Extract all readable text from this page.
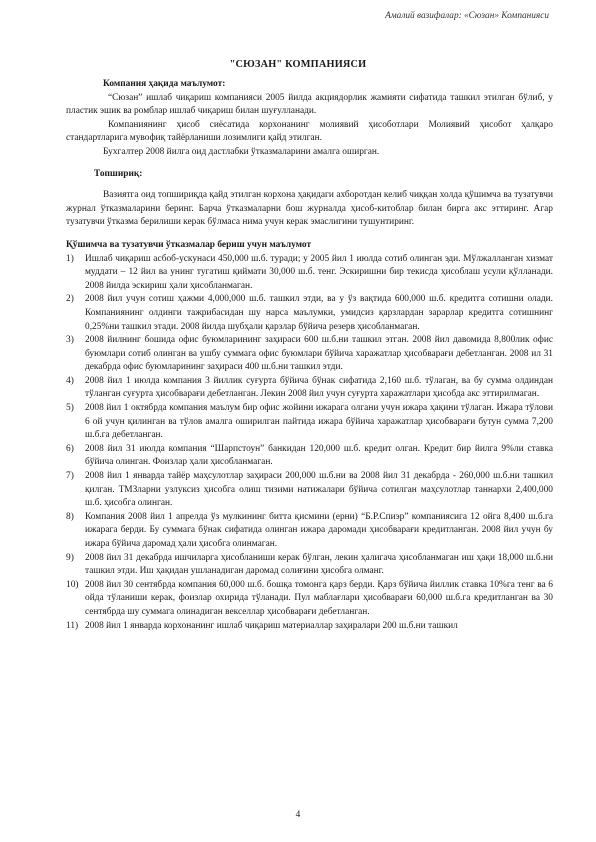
Амалий вазифалар: «Сюзан» Компанияси
"СЮЗАН" КОМПАНИЯСИ

Компания ҳақида маълумот:

“Сюзан” ишлаб чиқариш компанияси 2005 йилда акциядорлик жамияти сифатида ташкил этилган бўлиб, у пластик эшик ва ромблар ишлаб чиқариш билан шуғулланади.

Компаниянинг ҳисоб сиёсатида корхонанинг молиявий ҳисоботлари Молиявий ҳисобот ҳалқаро стандартларига мувофиқ тайёрланиши лозимлиги қайд этилган.

Бухгалтер 2008 йилга оид дастлабки ўтказмаларини амалга оширган.

Топшириқ:

Вазиятга оид топшириқда қайд этилган корхона ҳақидаги ахборотдан келиб чиққан холда қўшимча ва тузатувчи журнал ўтказмаларини беринг. Барча ўтказмаларни бош журналда ҳисоб-китоблар билан бирга акс эттиринг. Агар тузатувчи ўтказма берилиши керак бўлмаса нима учун керак эмаслигини тушунтиринг.

Қўшимча ва тузатувчи ўтказмалар бериш учун маълумот

1) Ишлаб чиқариш асбоб-ускунаси 450,000 ш.б. туради; у 2005 йил 1 июлда сотиб олинган эди. Мўлжалланган хизмат муддати – 12 йил ва унинг тугатиш қиймати 30,000 ш.б. тенг. Эскиришни бир текисда ҳисоблаш усули қўлланади. 2008 йилда эскириш ҳали ҳисобланмаган.
2) 2008 йил учун сотиш ҳажми 4,000,000 ш.б. ташкил этди, ва у ўз вақтида 600,000 ш.б. кредитга сотишни олади. Компаниянинг олдинги тажрибасидан шу нарса маълумки, умидсиз қарзлардан зарарлар кредитга сотишнинг 0,25%ни ташкил этади. 2008 йилда шубҳали қарзлар бўйича резерв ҳисобланмаган.
3) 2008 йилнинг бошида офис буюмларининг заҳираси 600 ш.б.ни ташкил этган. 2008 йил давомида 8,800лик офис буюмлари сотиб олинган ва ушбу суммага офис буюмлари бўйича харажатлар ҳисобварағи дебетланган. 2008 ил 31 декабрда офис буюмларининг заҳираси 400 ш.б.ни ташкил этди.
4) 2008 йил 1 июлда компания 3 йиллик суғурта бўйича бўнак сифатида 2,160 ш.б. тўлаган, ва бу сумма олдиндан тўланган суғурта ҳисобварағи дебетланган. Лекин 2008 йил учун суғурта харажатлари ҳисобда акс эттирилмаган.
5) 2008 йил 1 октябрда компания маълум бир офис жойини ижарага олгани учун ижара ҳақини тўлаган. Ижара тўлови 6 ой учун қилинган ва тўлов амалга оширилган пайтида ижара бўйича харажатлар ҳисобварағи бутун сумма 7,200 ш.б.га дебетланган.
6) 2008 йил 31 июлда компания “Шарпстоун” банкидан 120,000 ш.б. кредит олган. Кредит бир йилга 9%ли ставка бўйича олинган. Фоизлар ҳали ҳисобланмаган.
7) 2008 йил 1 январда тайёр маҳсулотлар заҳираси 200,000 ш.б.ни ва 2008 йил 31 декабрда - 260,000 ш.б.ни ташкил қилган. ТМЗларни узлуксиз ҳисобга олиш тизими натижалари бўйича сотилган маҳсулотлар таннархи 2,400,000 ш.б. ҳисобга олинган.
8) Компания 2008 йил 1 апрелда ўз мулкининг битта қисмини (ерни) “Б.Р.Спиэр” компаниясига 12 ойга 8,400 ш.б.га ижарага берди. Бу суммага бўнак сифатида олинган ижара даромади ҳисобварағи кредитланган. 2008 йил учун бу ижара бўйича даромад ҳали ҳисобга олинмаган.
9) 2008 йил 31 декабрда ишчиларга ҳисобланиши керак бўлган, лекин ҳалигача ҳисобланмаган иш ҳақи 18,000 ш.б.ни ташкил этди. Иш ҳақидан ушланадиган даромад солиғини ҳисобга олманг.
10) 2008 йил 30 сентябрда компания 60,000 ш.б. бошқа томонга қарз берди. Қарз бўйича йиллик ставка 10%га тенг ва 6 ойда тўланиши керак, фоизлар охирида тўланади. Пул маблағлари ҳисобварағи 60,000 ш.б.га кредитланган ва 30 сентябрда шу суммага олинадиган векселлар ҳисобварағи дебетланган.
11) 2008 йил 1 январда корхонанинг ишлаб чиқариш материаллар заҳиралари 200 ш.б.ни ташкил
4
